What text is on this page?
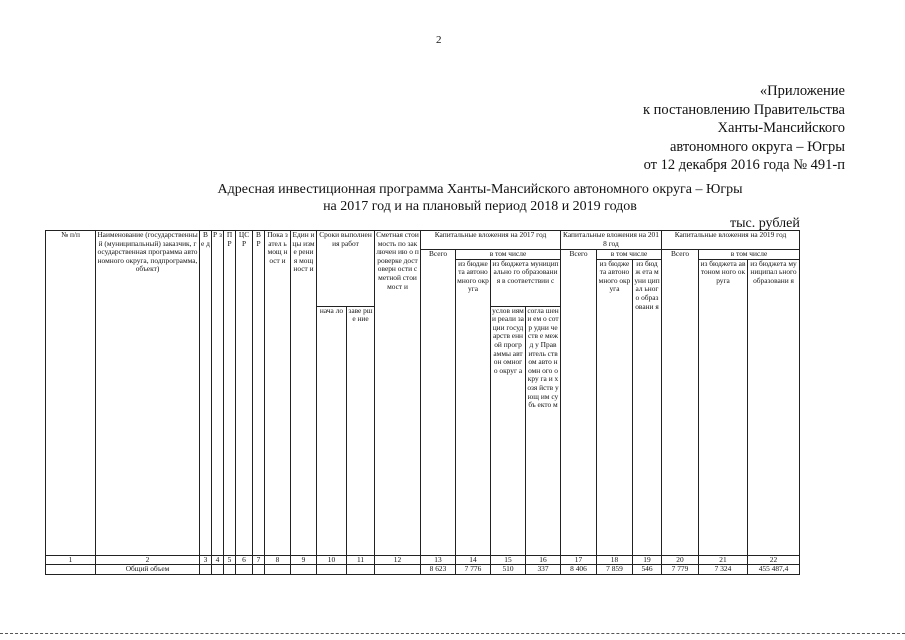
2
«Приложение
к постановлению Правительства
Ханты-Мансийского
автономного округа – Югры
от 12 декабря 2016 года № 491-п
Адресная инвестиционная программа Ханты-Мансийского автономного округа – Югры
на 2017 год и на плановый период 2018 и 2019 годов
тыс. рублей
№ п/п	Наименование (государственный (муниципальный) заказчик, государственная программа автономного округа, подпрограмма, объект)	В е д	Р з	П Р	ЦС Р	В Р	Пока зател ь мощ ност и	Един ицы изме рени я мощ ност и	Сроки выполнения работ		Сметная стоимость по заключен ию о проверке достоверн ости сметной стоимост и	Капитальные вложения на 2017 год				Капитальные вложения на 2018 год			Капитальные вложения на 2019 год		
												Всего	в том числе			Всего	в том числе		Всего	в том числе	
													из бюдже та автоно много округа	из бюджета муниципально го образования в соответствии с			из бюдже та автоно много округа	из бюдж ета муни ципал ьного образ овани я		из бюджета автоном ного округа	из бюджета муниципал ьного образовани я
									нача ло	заве рше ние				услов иями реали зации госуд арств енной прогр аммы автон омног о округ а	согла шени ем о сотр удни честв е межд у Прав итель ством авто номн ого окру га и хозя йств ующ им субъ екто м						
1	2	3	4	5	6	7	8	9	10	11	12	13	14	15	16	17	18	19	20	21	22
	Общий объем											8 623	7 776	510	337	8 406	7 859	546	7 779	7 324	455 487,4
